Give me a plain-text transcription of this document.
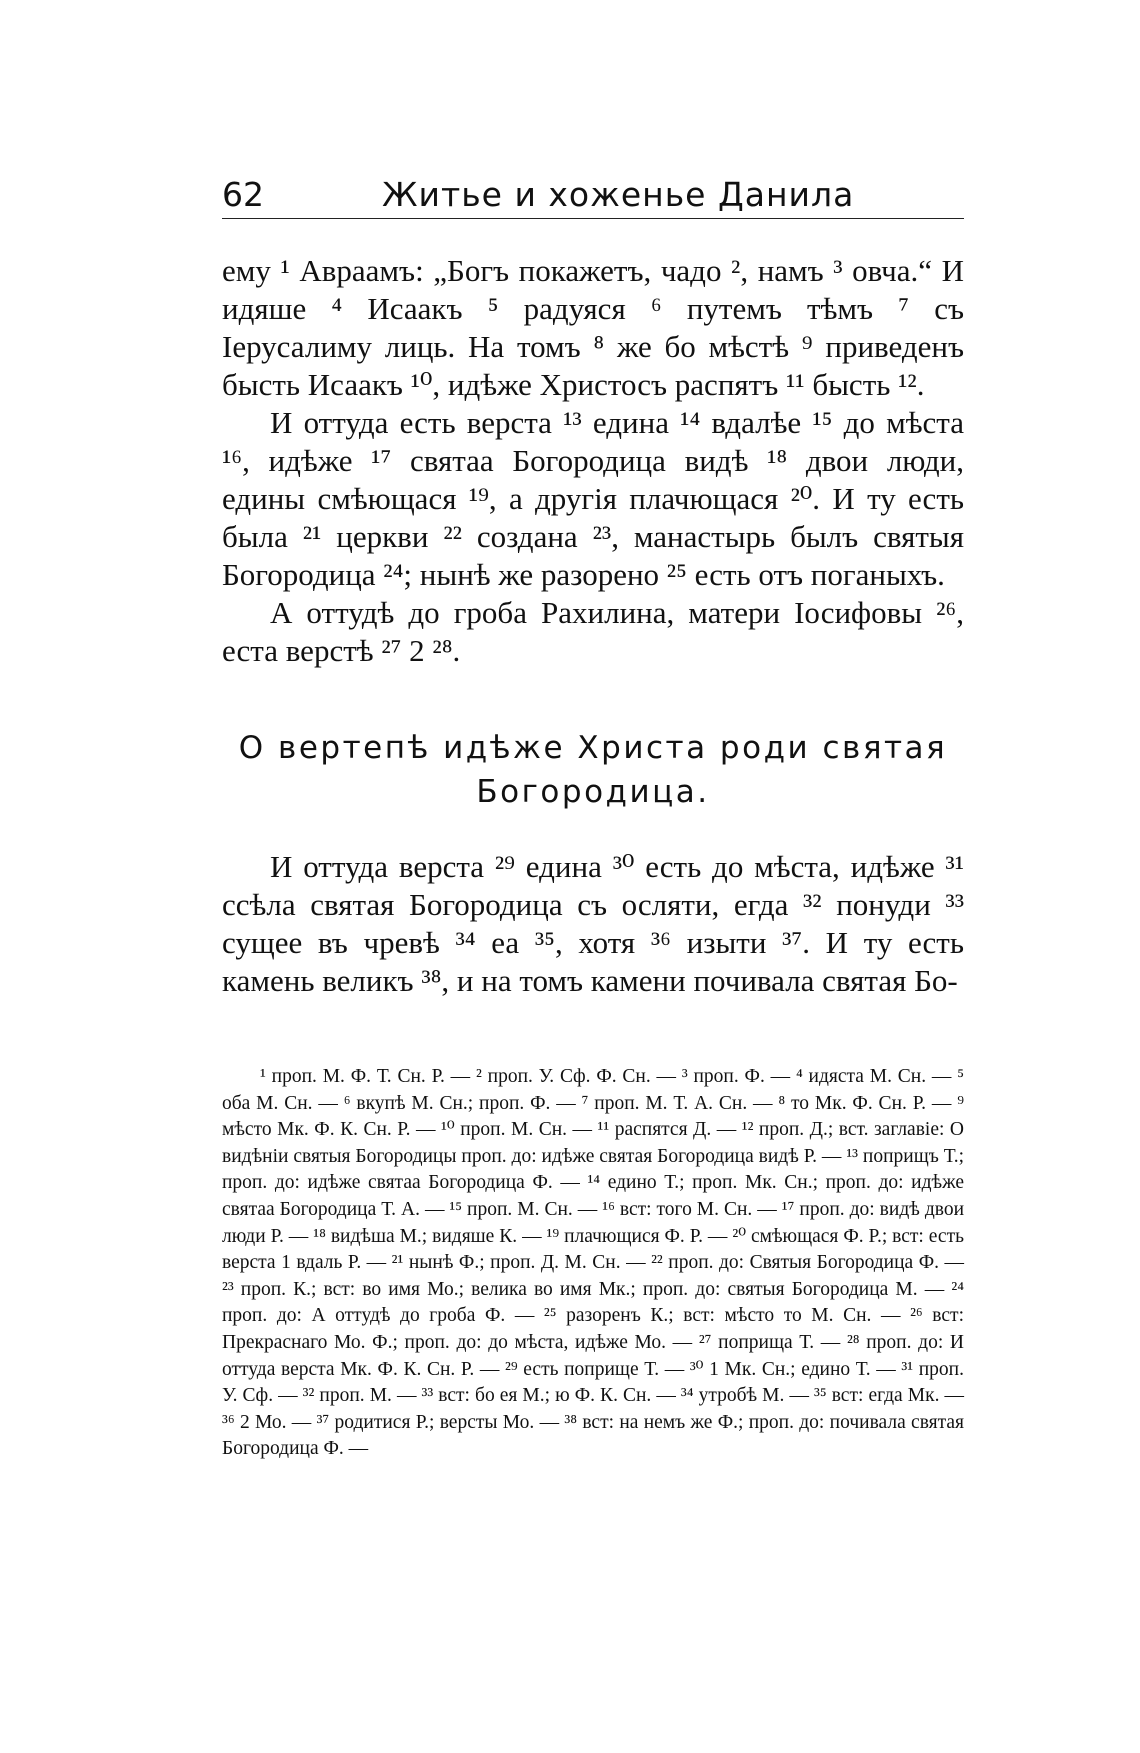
62	Житье и хоженье Данила

ему ¹ Авраамъ: „Богъ покажетъ, чадо ², намъ ³ овча.“ И идяше ⁴ Исаакъ ⁵ радуяся ⁶ путемъ тѣмъ ⁷ съ Іерусалиму лиць. На томъ ⁸ же бо мѣстѣ ⁹ приведенъ бысть Исаакъ ¹⁰, идѣже Христосъ распятъ ¹¹ бысть ¹².

И оттуда есть верста ¹³ едина ¹⁴ вдалѣе ¹⁵ до мѣста ¹⁶, идѣже ¹⁷ святаа Богородица видѣ ¹⁸ двои люди, едины смѣющася ¹⁹, а другія плачющася ²⁰. И ту есть была ²¹ церкви ²² создана ²³, манастырь былъ святыя Богородица ²⁴; нынѣ же разорено ²⁵ есть отъ поганыхъ.

А оттудѣ до гроба Рахилина, матери Іосифовы ²⁶, еста верстѣ ²⁷ 2 ²⁸.

О вертепѣ идѣже Христа роди святая Богородица.

И оттуда верста ²⁹ едина ³⁰ есть до мѣста, идѣже ³¹ ссѣла святая Богородица съ осляти, егда ³² понуди ³³ сущее въ чревѣ ³⁴ еа ³⁵, хотя ³⁶ изыти ³⁷. И ту есть камень великъ ³⁸, и на томъ камени почивала святая Бо-

¹ проп. М. Ф. Т. Сн. Р. — ² проп. У. Сф. Ф. Сн. — ³ проп. Ф. — ⁴ идяста М. Сн. — ⁵ оба М. Сн. — ⁶ вкупѣ М. Сн.; проп. Ф. — ⁷ проп. М. Т. А. Сн. — ⁸ то Мк. Ф. Сн. Р. — ⁹ мѣсто Мк. Ф. К. Сн. Р. — ¹⁰ проп. М. Сн. — ¹¹ распятся Д. — ¹² проп. Д.; вст. заглавіе: О видѣніи святыя Богородицы проп. до: идѣже святая Богородица видѣ Р. — ¹³ поприщъ Т.; проп. до: идѣже святаа Богородица Ф. — ¹⁴ едино Т.; проп. Мк. Сн.; проп. до: идѣже святаа Богородица Т. А. — ¹⁵ проп. М. Сн. — ¹⁶ вст: того М. Сн. — ¹⁷ проп. до: видѣ двои люди Р. — ¹⁸ видѣша М.; видяше К. — ¹⁹ плачющися Ф. Р. — ²⁰ смѣющася Ф. Р.; вст: есть верста 1 вдаль Р. — ²¹ нынѣ Ф.; проп. Д. М. Сн. — ²² проп. до: Святыя Богородица Ф. — ²³ проп. К.; вст: во имя Мо.; велика во имя Мк.; проп. до: святыя Богородица М. — ²⁴ проп. до: А оттудѣ до гроба Ф. — ²⁵ разоренъ К.; вст: мѣсто то М. Сн. — ²⁶ вст: Прекраснаго Мо. Ф.; проп. до: до мѣста, идѣже Мо. — ²⁷ поприща Т. — ²⁸ проп. до: И оттуда верста Мк. Ф. К. Сн. Р. — ²⁹ есть поприще Т. — ³⁰ 1 Мк. Сн.; едино Т. — ³¹ проп. У. Сф. — ³² проп. М. — ³³ вст: бо ея М.; ю Ф. К. Сн. — ³⁴ утробѣ М. — ³⁵ вст: егда Мк. — ³⁶ 2 Мо. — ³⁷ родитися Р.; версты Мо. — ³⁸ вст: на немъ же Ф.; проп. до: почивала святая Богородица Ф. —
